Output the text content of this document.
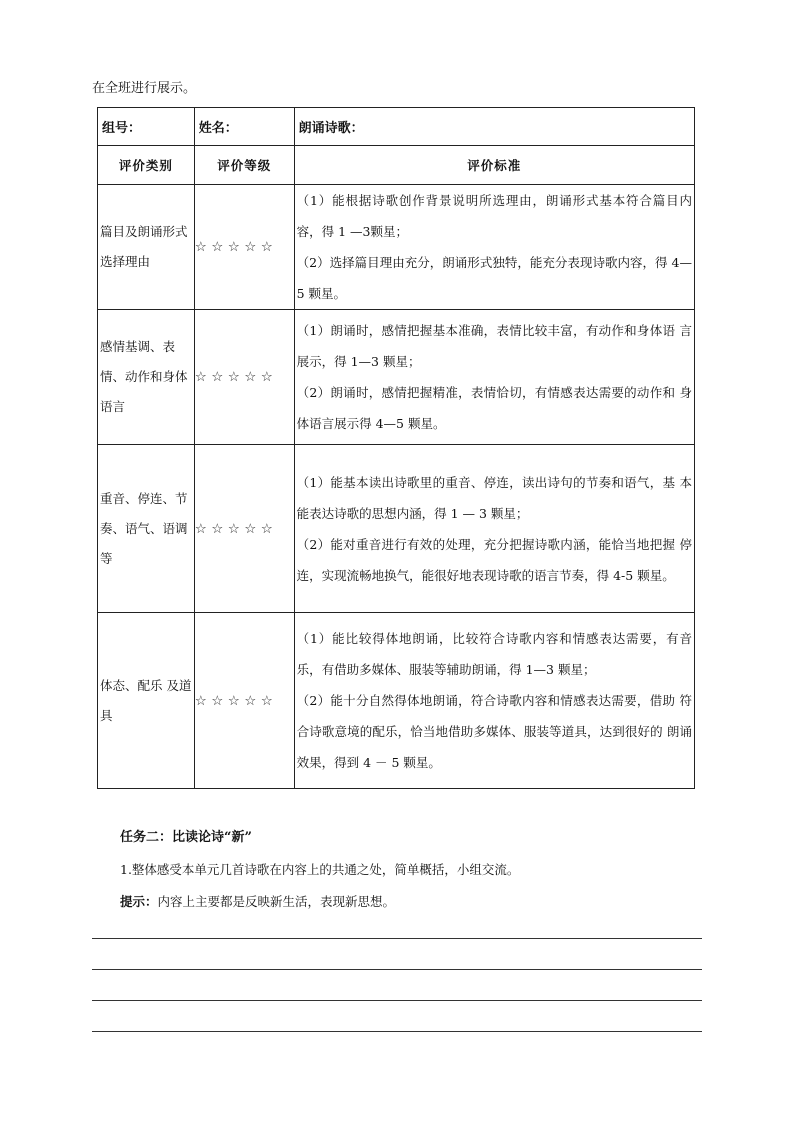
在全班进行展示。
组号：	姓名：	朗诵诗歌：
评价类别	评价等级	评价标准
篇目及朗诵形式 选择理由	☆☆☆☆☆	（1）能根据诗歌创作背景说明所选理由，朗诵形式基本符合篇目内 容，得 1 —3颗星；

（2）选择篇目理由充分，朗诵形式独特，能充分表现诗歌内容，得 4—5 颗星。

感情基调、表情、动作和身体语言	☆☆☆☆☆	（1）朗诵时，感情把握基本准确，表情比较丰富，有动作和身体语 言展示，得 1—3 颗星；

（2）朗诵时，感情把握精准，表情恰切，有情感表达需要的动作和 身体语言展示得 4—5 颗星。

重音、停连、节奏、语气、语调等	☆☆☆☆☆	（1）能基本读出诗歌里的重音、停连，读出诗句的节奏和语气，基 本能表达诗歌的思想内涵，得 1 — 3 颗星；

（2）能对重音进行有效的处理，充分把握诗歌内涵，能恰当地把握 停连，实现流畅地换气，能很好地表现诗歌的语言节奏，得 4-5 颗星。

体态、配乐 及道具	☆☆☆☆☆	（1）能比较得体地朗诵，比较符合诗歌内容和情感表达需要，有音 乐，有借助多媒体、服装等辅助朗诵，得 1—3 颗星；

（2）能十分自然得体地朗诵，符合诗歌内容和情感表达需要，借助 符合诗歌意境的配乐，恰当地借助多媒体、服装等道具，达到很好的 朗诵效果，得到 4 － 5 颗星。

任务二：比读论诗“新”
1.整体感受本单元几首诗歌在内容上的共通之处，简单概括，小组交流。
提示：内容上主要都是反映新生活，表现新思想。
